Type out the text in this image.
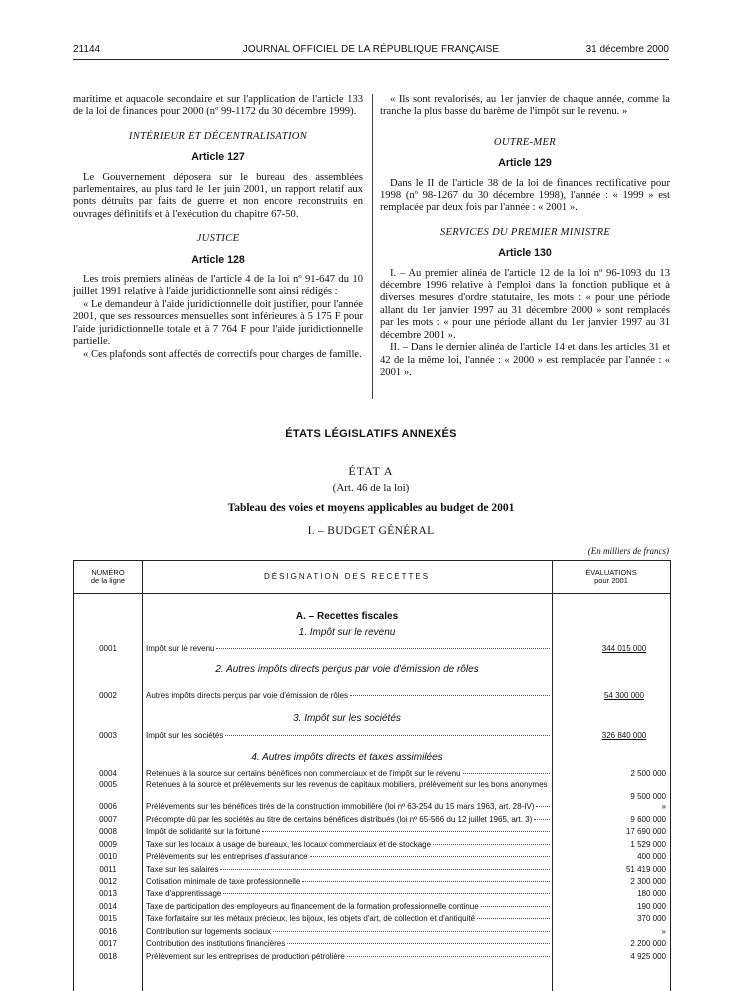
21144	JOURNAL OFFICIEL DE LA RÉPUBLIQUE FRANÇAISE	31 décembre 2000

maritime et aquacole secondaire et sur l'application de l'article 133 de la loi de finances pour 2000 (nº 99-1172 du 30 décembre 1999).

INTÉRIEUR ET DÉCENTRALISATION
Article 127

Le Gouvernement déposera sur le bureau des assemblées parlementaires, au plus tard le 1er juin 2001, un rapport relatif aux ponts détruits par faits de guerre et non encore reconstruits en ouvrages définitifs et à l'exécution du chapitre 67-50.

JUSTICE
Article 128

Les trois premiers alinéas de l'article 4 de la loi nº 91-647 du 10 juillet 1991 relative à l'aide juridictionnelle sont ainsi rédigés :

« Le demandeur à l'aide juridictionnelle doit justifier, pour l'année 2001, que ses ressources mensuelles sont inférieures à 5 175 F pour l'aide juridictionnelle totale et à 7 764 F pour l'aide juridictionnelle partielle.

« Ces plafonds sont affectés de correctifs pour charges de famille.

« Ils sont revalorisés, au 1er janvier de chaque année, comme la tranche la plus basse du barème de l'impôt sur le revenu. »

OUTRE-MER
Article 129

Dans le II de l'article 38 de la loi de finances rectificative pour 1998 (nº 98-1267 du 30 décembre 1998), l'année : « 1999 » est remplacée par deux fois par l'année : « 2001 ».

SERVICES DU PREMIER MINISTRE
Article 130

I. – Au premier alinéa de l'article 12 de la loi nº 96-1093 du 13 décembre 1996 relative à l'emploi dans la fonction publique et à diverses mesures d'ordre statutaire, les mots : « pour une période allant du 1er janvier 1997 au 31 décembre 2000 » sont remplacés par les mots : « pour une période allant du 1er janvier 1997 au 31 décembre 2001 ».

II. – Dans le dernier alinéa de l'article 14 et dans les articles 31 et 42 de la même loi, l'année : « 2000 » est remplacée par l'année : « 2001 ».

ÉTATS LÉGISLATIFS ANNEXÉS
ÉTAT A
(Art. 46 de la loi)
Tableau des voies et moyens applicables au budget de 2001
I. – BUDGET GÉNÉRAL
(En milliers de francs)
NUMÉRO
de la ligne	DÉSIGNATION DES RECETTES	ÉVALUATIONS
pour 2001
A. – Recettes fiscales
1. Impôt sur le revenu
0001	Impôt sur le revenu	344 015 000
2. Autres impôts directs perçus par voie d'émission de rôles
0002	Autres impôts directs perçus par voie d'émission de rôles	54 300 000
3. Impôt sur les sociétés
0003	Impôt sur les sociétés	326 840 000
4. Autres impôts directs et taxes assimilées
0004	Retenues à la source sur certains bénéfices non commerciaux et de l'impôt sur le revenu	2 500 000
0005	Retenues à la source et prélèvements sur les revenus de capitaux mobiliers, prélèvement sur les bons anonymes
9 500 000
0006	Prélèvements sur les bénéfices tirés de la construction immobilière (loi nº 63-254 du 15 mars 1963, art. 28-IV)	»
0007	Précompte dû par les sociétés au titre de certains bénéfices distribués (loi nº 65-566 du 12 juillet 1965, art. 3)	9 600 000
0008	Impôt de solidarité sur la fortune	17 690 000
0009	Taxe sur les locaux à usage de bureaux, les locaux commerciaux et de stockage	1 529 000
0010	Prélèvements sur les entreprises d'assurance	400 000
0011	Taxe sur les salaires	51 419 000
0012	Cotisation minimale de taxe professionnelle	2 300 000
0013	Taxe d'apprentissage	180 000
0014	Taxe de participation des employeurs au financement de la formation professionnelle continue	190 000
0015	Taxe forfaitaire sur les métaux précieux, les bijoux, les objets d'art, de collection et d'antiquité	370 000
0016	Contribution sur logements sociaux	»
0017	Contribution des institutions financières	2 200 000
0018	Prélèvement sur les entreprises de production pétrolière	4 925 000
